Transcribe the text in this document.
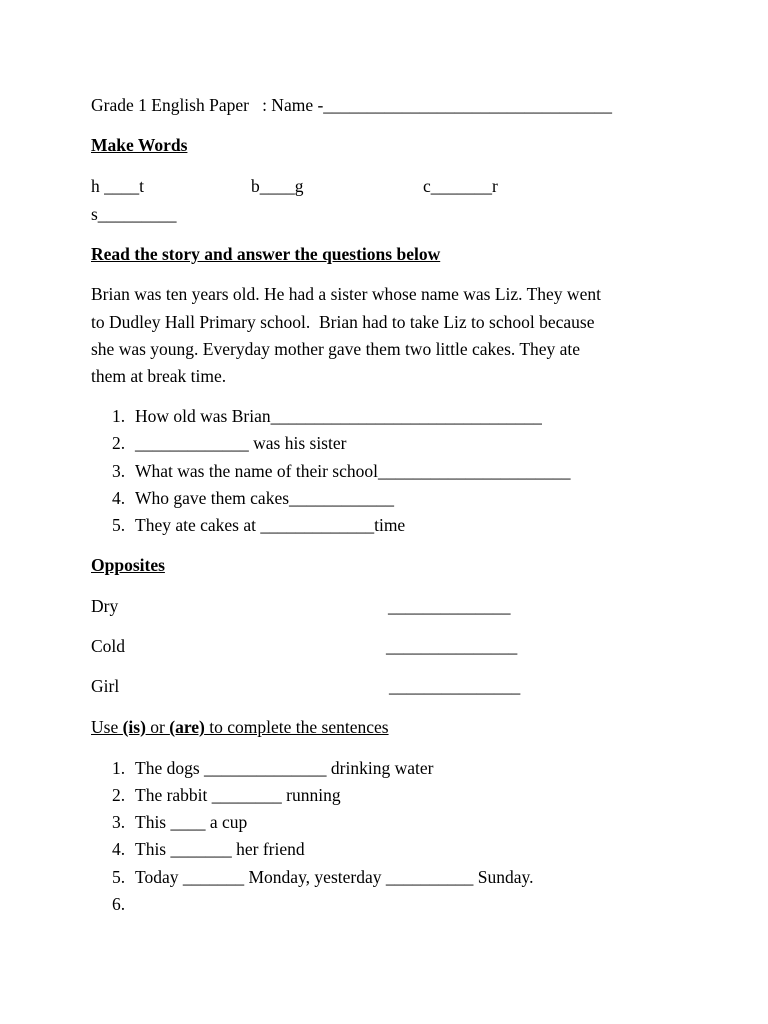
Grade 1 English Paper   : Name -_________________________________
Make Words
h ____t	b____g	c_______r
s_________
Read the story and answer the questions below
Brian was ten years old. He had a sister whose name was Liz. They went
to Dudley Hall Primary school.  Brian had to take Liz to school because
she was young. Everyday mother gave them two little cakes. They ate
them at break time.
1. How old was Brian_______________________________
2. _____________ was his sister
3. What was the name of their school______________________
4. Who gave them cakes____________
5. They ate cakes at _____________time
Opposites
Dry	______________
Cold	_______________
Girl	_______________
Use (is) or (are) to complete the sentences
1. The dogs ______________ drinking water
2. The rabbit ________ running
3. This ____ a cup
4. This _______ her friend
5. Today _______ Monday, yesterday __________ Sunday.
6.
